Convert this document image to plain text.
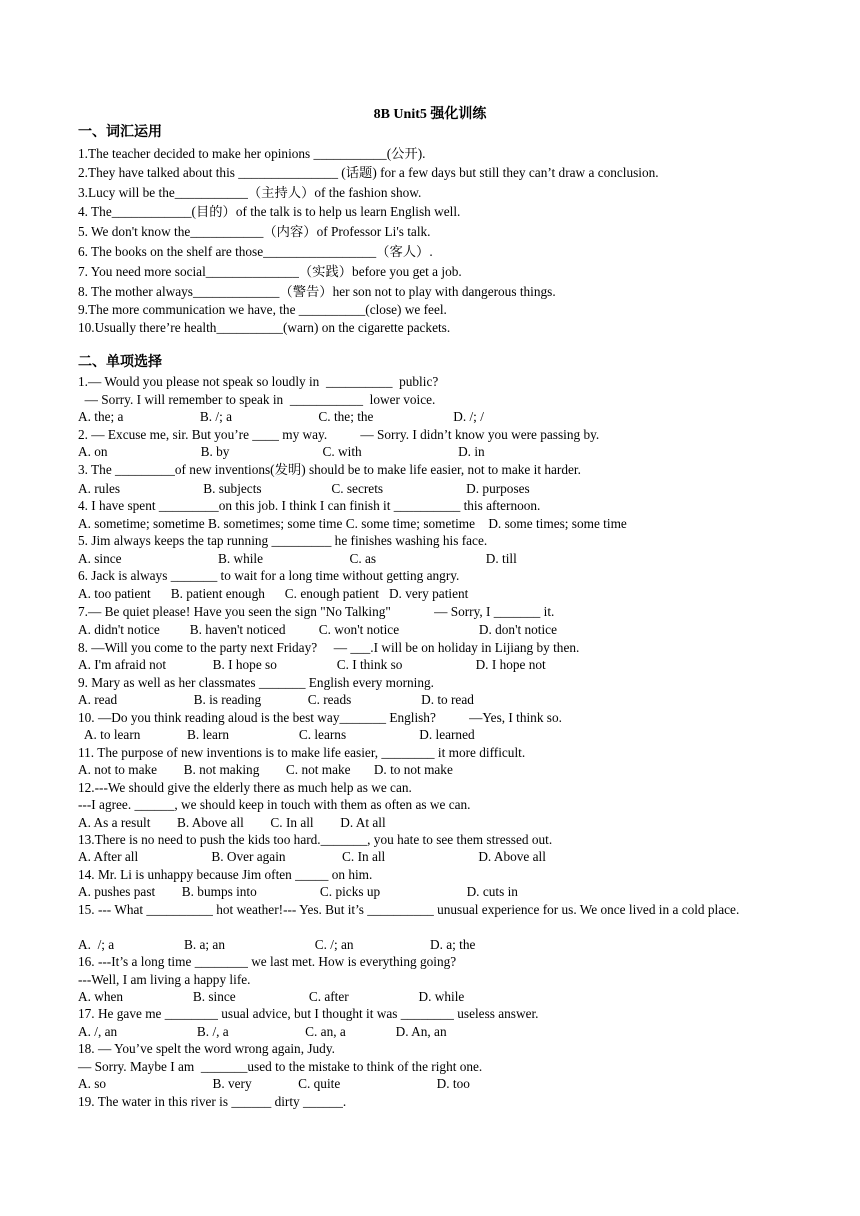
8B Unit5 强化训练
一、词汇运用
1.The teacher decided to make her opinions ___________(公开).
2.They have talked about this _______________ (话题) for a few days but still they can’t draw a conclusion.
3.Lucy will be the___________（主持人）of the fashion show.
4. The____________(目的）of the talk is to help us learn English well.
5. We don't know the___________（内容）of Professor Li's talk.
6. The books on the shelf are those_________________（客人）.
7. You need more social______________（实践）before you get a job.
8. The mother always_____________（警告）her son not to play with dangerous things.
9.The more communication we have, the __________(close) we feel.
10.Usually there’re health__________(warn) on the cigarette packets.
二、单项选择
1.— Would you please not speak so loudly in  __________  public?
— Sorry. I will remember to speak in  ___________  lower voice.
A. the; a                       B. /; a                          C. the; the                        D. /; /
2. — Excuse me, sir. But you’re ____ my way.          — Sorry. I didn’t know you were passing by.
A. on                            B. by                            C. with                             D. in
3. The _________of new inventions(发明) should be to make life easier, not to make it harder.
A. rules                         B. subjects                     C. secrets                         D. purposes
4. I have spent _________on this job. I think I can finish it __________ this afternoon.
A. sometime; sometime B. sometimes; some time C. some time; sometime    D. some times; some time
5. Jim always keeps the tap running _________ he finishes washing his face.
A. since                             B. while                          C. as                                 D. till
6. Jack is always _______ to wait for a long time without getting angry.
A. too patient      B. patient enough      C. enough patient   D. very patient
7.— Be quiet please! Have you seen the sign "No Talking"             — Sorry, I _______ it.
A. didn't notice         B. haven't noticed          C. won't notice                        D. don't notice
8. —Will you come to the party next Friday?     — ___.I will be on holiday in Lijiang by then.
A. I'm afraid not              B. I hope so                  C. I think so                      D. I hope not
9. Mary as well as her classmates _______ English every morning.
A. read                       B. is reading              C. reads                     D. to read
10. —Do you think reading aloud is the best way_______ English?          —Yes, I think so.
A. to learn              B. learn                     C. learns                      D. learned
11. The purpose of new inventions is to make life easier, ________ it more difficult.
A. not to make        B. not making        C. not make       D. to not make
12.---We should give the elderly there as much help as we can.
---I agree. ______, we should keep in touch with them as often as we can.
A. As a result        B. Above all        C. In all        D. At all
13.There is no need to push the kids too hard._______, you hate to see them stressed out.
A. After all                      B. Over again                 C. In all                            D. Above all
14. Mr. Li is unhappy because Jim often _____ on him.
A. pushes past        B. bumps into                   C. picks up                          D. cuts in
15. --- What __________ hot weather!--- Yes. But it’s __________ unusual experience for us. We once lived in a cold place.
A.  /; a                     B. a; an                           C. /; an                       D. a; the
16. ---It’s a long time ________ we last met. How is everything going?
---Well, I am living a happy life.
A. when                     B. since                      C. after                     D. while
17. He gave me ________ usual advice, but I thought it was ________ useless answer.
A. /, an                        B. /, a                       C. an, a               D. An, an
18. — You’ve spelt the word wrong again, Judy.
— Sorry. Maybe I am  _______used to the mistake to think of the right one.
A. so                                B. very              C. quite                             D. too
19. The water in this river is ______ dirty ______.
